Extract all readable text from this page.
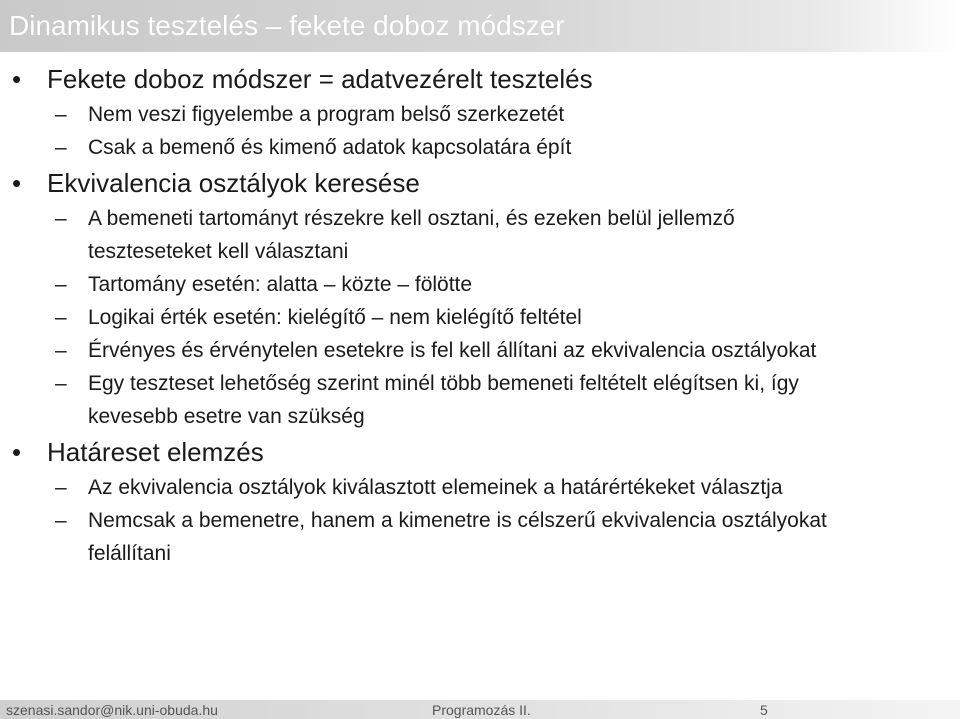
Dinamikus tesztelés – fekete doboz módszer
• Fekete doboz módszer = adatvezérelt tesztelés
– Nem veszi figyelembe a program belső szerkezetét
– Csak a bemenő és kimenő adatok kapcsolatára épít
• Ekvivalencia osztályok keresése
– A bemeneti tartományt részekre kell osztani, és ezeken belül jellemző
teszteseteket kell választani
– Tartomány esetén: alatta – közte – fölötte
– Logikai érték esetén: kielégítő – nem kielégítő feltétel
– Érvényes és érvénytelen esetekre is fel kell állítani az ekvivalencia osztályokat
– Egy teszteset lehetőség szerint minél több bemeneti feltételt elégítsen ki, így
kevesebb esetre van szükség
• Határeset elemzés
– Az ekvivalencia osztályok kiválasztott elemeinek a határértékeket választja
– Nemcsak a bemenetre, hanem a kimenetre is célszerű ekvivalencia osztályokat
felállítani
szenasi.sandor@nik.uni-obuda.hu	Programozás II.	5
